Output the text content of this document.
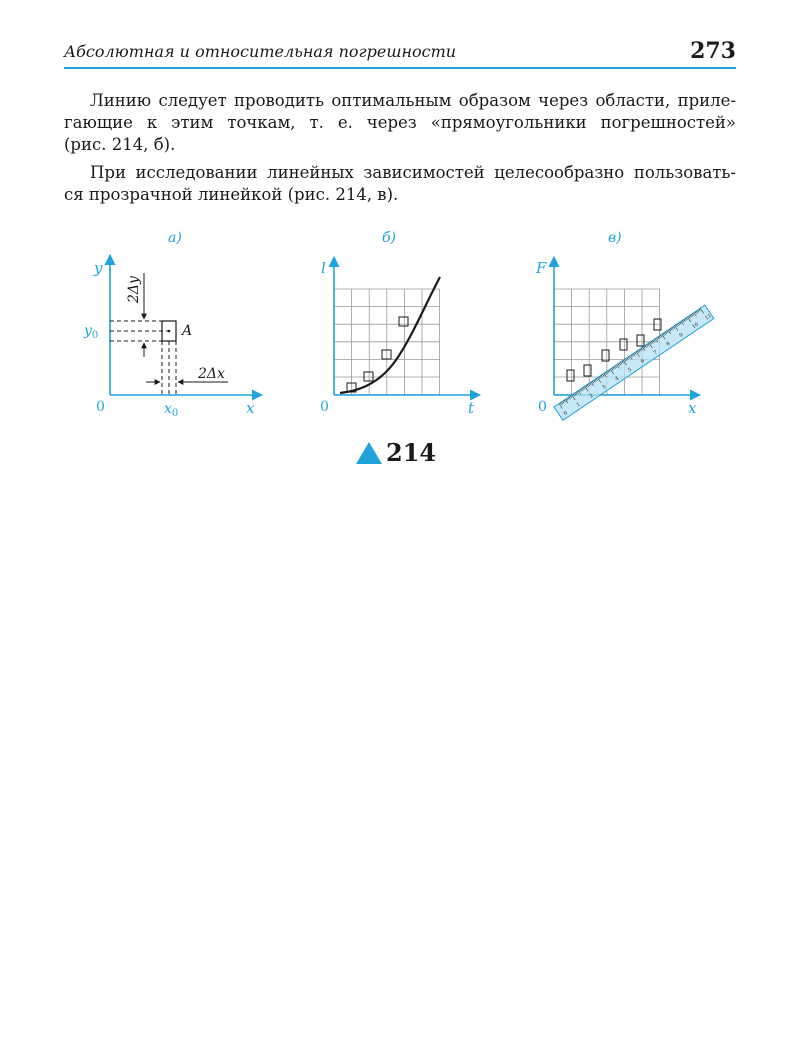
Абсолютная и относительная погрешности	273

Линию следует проводить оптимальным образом через области, приле-
гающие к этим точкам, т. е. через «прямоугольники погрешностей»
(рис. 214, б).

При исследовании линейных зависимостей целесообразно пользовать-
ся прозрачной линейкой (рис. 214, в).

а)
y
x
0
A
$y_0$
$x_0$
2Δy
2Δx
б)
l
t
0
в)
F
x
0	0
1
2
3
4
5
6
7
8
9
10
11
214
